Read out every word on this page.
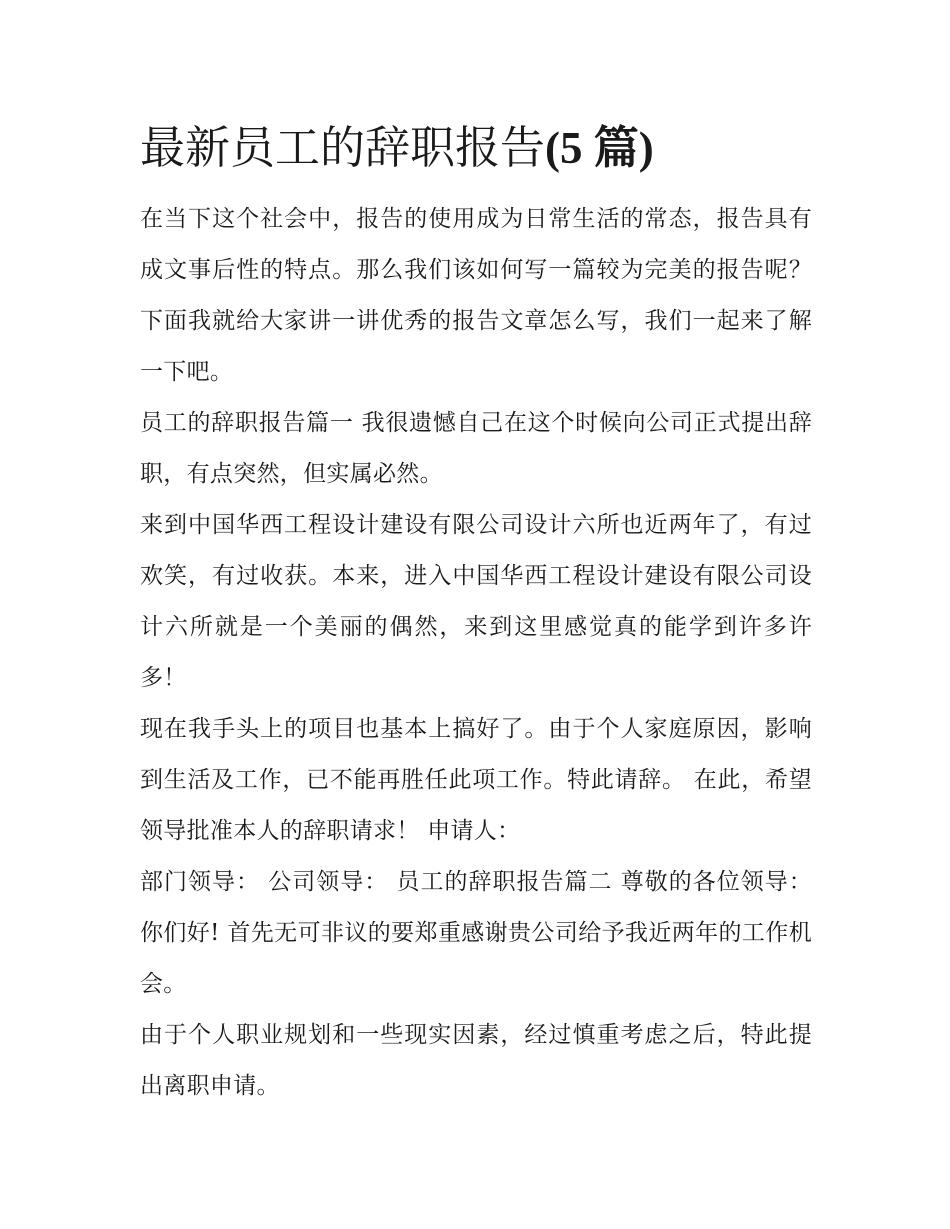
最新员工的辞职报告(5 篇)

在当下这个社会中，报告的使用成为日常生活的常态，报告具有成文事后性的特点。那么我们该如何写一篇较为完美的报告呢？下面我就给大家讲一讲优秀的报告文章怎么写，我们一起来了解一下吧。

员工的辞职报告篇一 我很遗憾自己在这个时候向公司正式提出辞职，有点突然，但实属必然。

来到中国华西工程设计建设有限公司设计六所也近两年了，有过欢笑，有过收获。本来，进入中国华西工程设计建设有限公司设计六所就是一个美丽的偶然，来到这里感觉真的能学到许多许多！

现在我手头上的项目也基本上搞好了。由于个人家庭原因，影响到生活及工作，已不能再胜任此项工作。特此请辞。 在此，希望领导批准本人的辞职请求！ 申请人：

部门领导： 公司领导： 员工的辞职报告篇二 尊敬的各位领导： 你们好! 首先无可非议的要郑重感谢贵公司给予我近两年的工作机会。

由于个人职业规划和一些现实因素，经过慎重考虑之后，特此提出离职申请。
